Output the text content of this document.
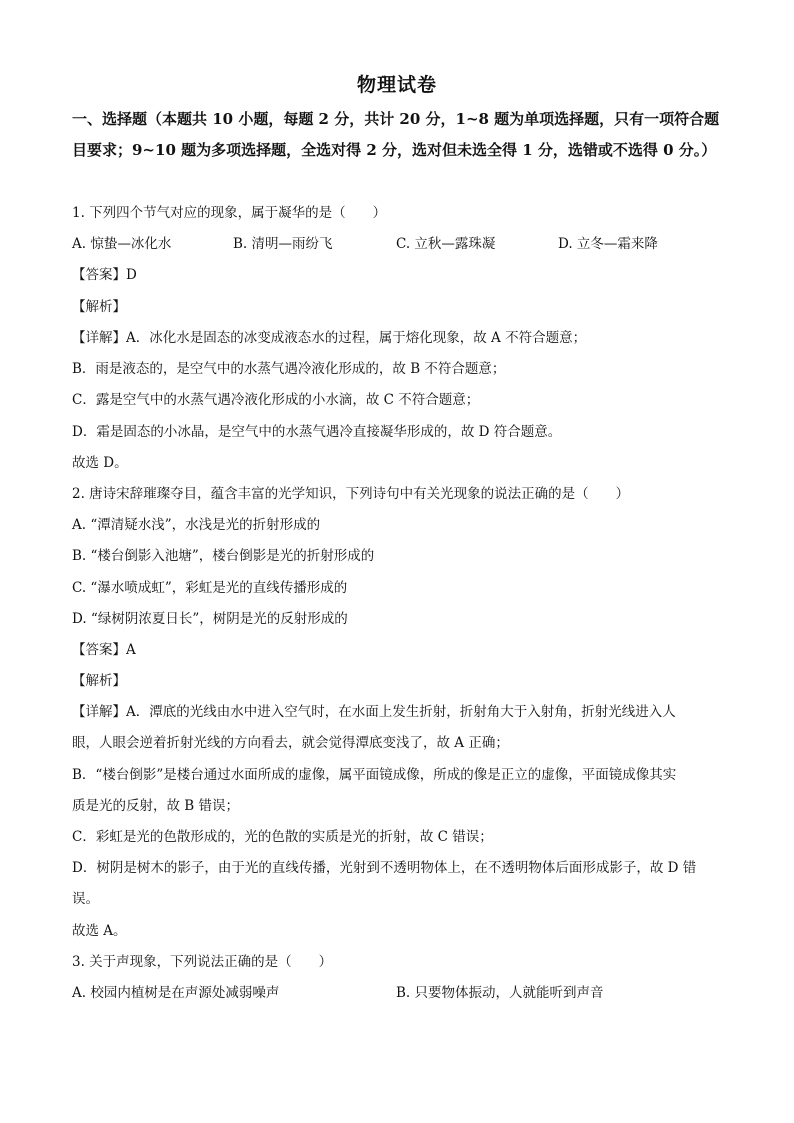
物理试卷
一、选择题（本题共 10 小题，每题 2 分，共计 20 分，1~8 题为单项选择题，只有一项符合题目要求；9~10 题为多项选择题，全选对得 2 分，选对但未选全得 1 分，选错或不选得 0 分。）
1. 下列四个节气对应的现象，属于凝华的是（　　）
A. 惊蛰—冰化水	B. 清明—雨纷飞	C. 立秋—露珠凝	D. 立冬—霜来降
【答案】D
【解析】
【详解】A．冰化水是固态的冰变成液态水的过程，属于熔化现象，故 A 不符合题意；
B．雨是液态的，是空气中的水蒸气遇冷液化形成的，故 B 不符合题意；
C．露是空气中的水蒸气遇冷液化形成的小水滴，故 C 不符合题意；
D．霜是固态的小冰晶，是空气中的水蒸气遇冷直接凝华形成的，故 D 符合题意。
故选 D。
2. 唐诗宋辞璀璨夺目，蕴含丰富的光学知识，下列诗句中有关光现象的说法正确的是（　　）
A. “潭清疑水浅”，水浅是光的折射形成的
B. “楼台倒影入池塘”，楼台倒影是光的折射形成的
C. “瀑水喷成虹”，彩虹是光的直线传播形成的
D. “绿树阴浓夏日长”，树阴是光的反射形成的
【答案】A
【解析】
【详解】A．潭底的光线由水中进入空气时，在水面上发生折射，折射角大于入射角，折射光线进入人
眼，人眼会逆着折射光线的方向看去，就会觉得潭底变浅了，故 A 正确；
B．“楼台倒影”是楼台通过水面所成的虚像，属平面镜成像，所成的像是正立的虚像，平面镜成像其实
质是光的反射，故 B 错误；
C．彩虹是光的色散形成的，光的色散的实质是光的折射，故 C 错误；
D．树阴是树木的影子，由于光的直线传播，光射到不透明物体上，在不透明物体后面形成影子，故 D 错
误。
故选 A。
3. 关于声现象，下列说法正确的是（　　）
A. 校园内植树是在声源处减弱噪声	B. 只要物体振动，人就能听到声音
